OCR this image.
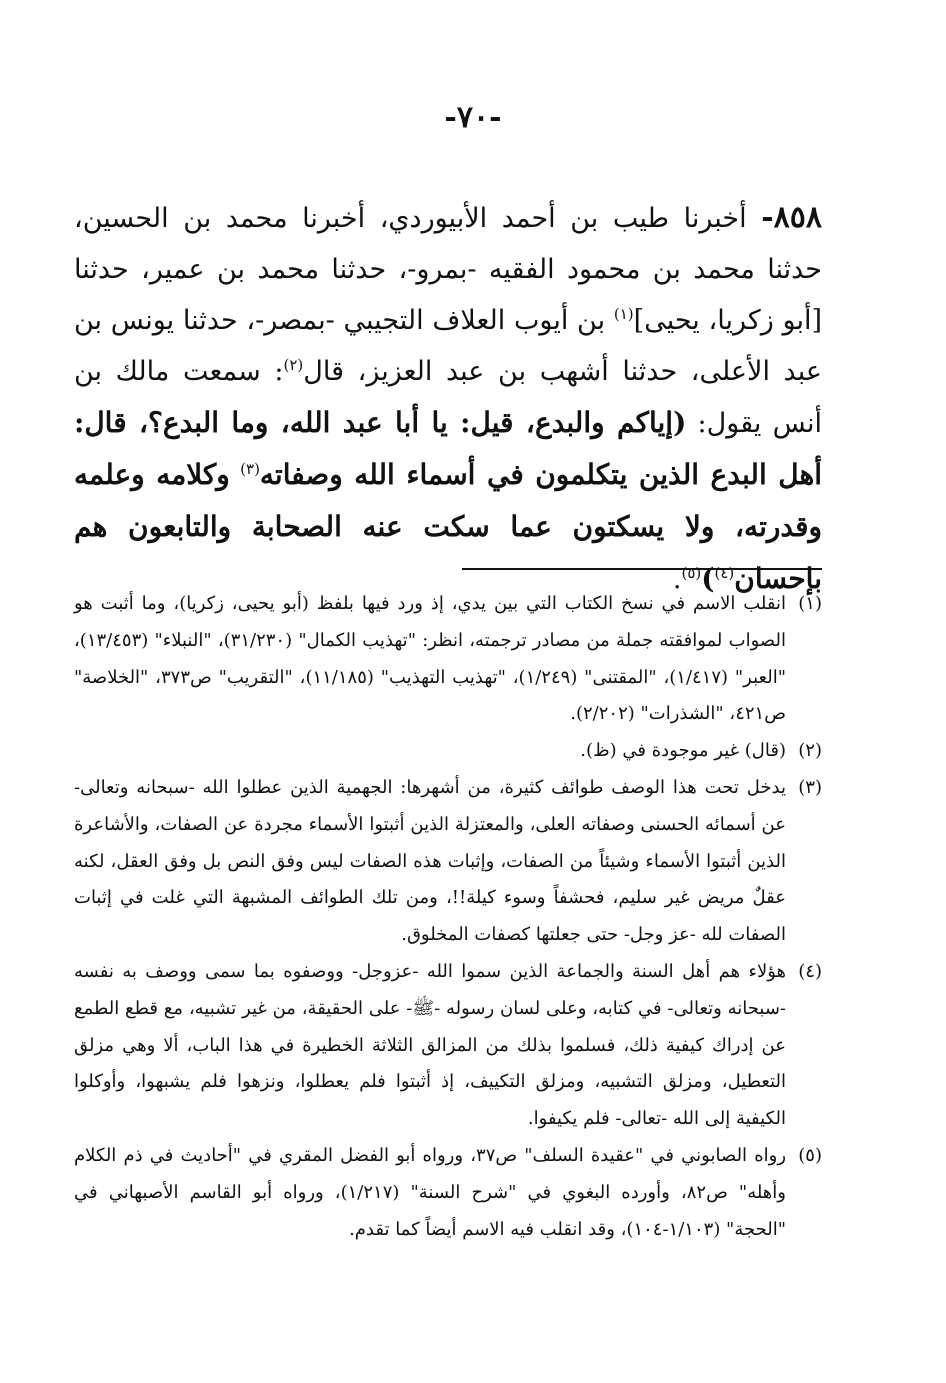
-٧٠-
٨٥٨- أخبرنا طيب بن أحمد الأبيوردي، أخبرنا محمد بن الحسين، حدثنا محمد بن محمود الفقيه -بمرو-، حدثنا محمد بن عمير، حدثنا [أبو زكريا، يحيى]$^{(١)}$ بن أيوب العلاف التجيبي -بمصر-، حدثنا يونس بن عبد الأعلى، حدثنا أشهب بن عبد العزيز، قال$^{(٢)}$: سمعت مالك بن أنس يقول: (إياكم والبدع، قيل: يا أبا عبد الله، وما البدع؟، قال: أهل البدع الذين يتكلمون في أسماء الله وصفاته$^{(٣)}$ وكلامه وعلمه وقدرته، ولا يسكتون عما سكت عنه الصحابة والتابعون هم بإحسان$^{(٤)}$)$^{(٥)}$.
(١)
انقلب الاسم في نسخ الكتاب التي بين يدي، إذ ورد فيها بلفظ (أبو يحيى، زكريا)، وما أثبت هو الصواب لموافقته جملة من مصادر ترجمته، انظر: "تهذيب الكمال" (٣١/٢٣٠)، "النبلاء" (١٣/٤٥٣)، "العبر" (١/٤١٧)، "المقتنى" (١/٢٤٩)، "تهذيب التهذيب" (١١/١٨٥)، "التقريب" ص٣٧٣، "الخلاصة" ص٤٢١، "الشذرات" (٢/٢٠٢).
(٢)
(قال) غير موجودة في (ظ).
(٣)
يدخل تحت هذا الوصف طوائف كثيرة، من أشهرها: الجهمية الذين عطلوا الله -سبحانه وتعالى- عن أسمائه الحسنى وصفاته العلى، والمعتزلة الذين أثبتوا الأسماء مجردة عن الصفات، والأشاعرة الذين أثبتوا الأسماء وشيئاً من الصفات، وإثبات هذه الصفات ليس وفق النص بل وفق العقل، لكنه عقلٌ مريض غير سليم، فحشفاً وسوء كيلة!!، ومن تلك الطوائف المشبهة التي غلت في إثبات الصفات لله -عز وجل- حتى جعلتها كصفات المخلوق.
(٤)
هؤلاء هم أهل السنة والجماعة الذين سموا الله -عزوجل- ووصفوه بما سمى ووصف به نفسه -سبحانه وتعالى- في كتابه، وعلى لسان رسوله -ﷺ- على الحقيقة، من غير تشبيه، مع قطع الطمع عن إدراك كيفية ذلك، فسلموا بذلك من المزالق الثلاثة الخطيرة في هذا الباب، ألا وهي مزلق التعطيل، ومزلق التشبيه، ومزلق التكييف، إذ أثبتوا فلم يعطلوا، ونزهوا فلم يشبهوا، وأوكلوا الكيفية إلى الله -تعالى- فلم يكيفوا.
(٥)
رواه الصابوني في "عقيدة السلف" ص٣٧، ورواه أبو الفضل المقري في "أحاديث في ذم الكلام وأهله" ص٨٢، وأورده البغوي في "شرح السنة" (١/٢١٧)، ورواه أبو القاسم الأصبهاني في "الحجة" (١/١٠٣-١٠٤)، وقد انقلب فيه الاسم أيضاً كما تقدم.
